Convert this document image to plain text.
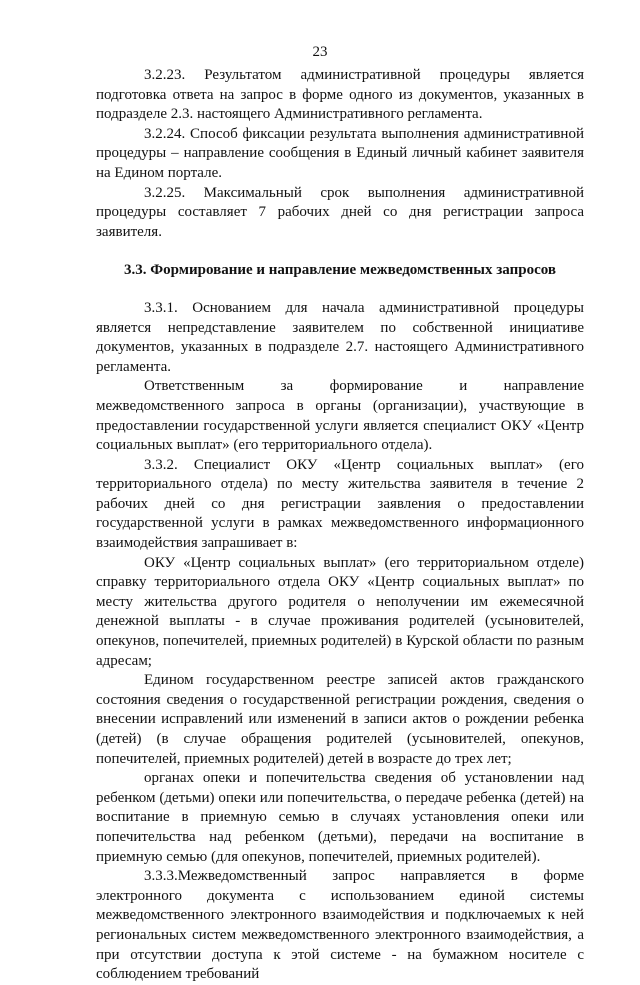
23

3.2.23. Результатом административной процедуры является подготовка ответа на запрос в форме одного из документов, указанных в подразделе 2.3. настоящего Административного регламента.

3.2.24. Способ фиксации результата выполнения административной процедуры – направление сообщения в Единый личный кабинет заявителя на Едином портале.

3.2.25. Максимальный срок выполнения административной процедуры составляет 7 рабочих дней со дня регистрации запроса заявителя.

3.3. Формирование и направление межведомственных запросов

3.3.1. Основанием для начала административной процедуры является непредставление заявителем по собственной инициативе документов, указанных в подразделе 2.7. настоящего Административного регламента.

Ответственным за формирование и направление межведомственного запроса в органы (организации), участвующие в предоставлении государственной услуги является специалист ОКУ «Центр социальных выплат» (его территориального отдела).

3.3.2. Специалист ОКУ «Центр социальных выплат» (его территориального отдела) по месту жительства заявителя в течение 2 рабочих дней со дня регистрации заявления о предоставлении государственной услуги в рамках межведомственного информационного взаимодействия запрашивает в:

ОКУ «Центр социальных выплат» (его территориальном отделе) справку территориального отдела ОКУ «Центр социальных выплат» по месту жительства другого родителя о неполучении им ежемесячной денежной выплаты - в случае проживания родителей (усыновителей, опекунов, попечителей, приемных родителей) в Курской области по разным адресам;

Едином государственном реестре записей актов гражданского состояния сведения о государственной регистрации рождения, сведения о внесении исправлений или изменений в записи актов о рождении ребенка (детей) (в случае обращения родителей (усыновителей, опекунов, попечителей, приемных родителей) детей в возрасте до трех лет;

органах опеки и попечительства сведения об установлении над ребенком (детьми) опеки или попечительства, о передаче ребенка (детей) на воспитание в приемную семью в случаях установления опеки или попечительства над ребенком (детьми), передачи на воспитание в приемную семью (для опекунов, попечителей, приемных родителей).

3.3.3.Межведомственный запрос направляется в форме электронного документа с использованием единой системы межведомственного электронного взаимодействия и подключаемых к ней региональных систем межведомственного электронного взаимодействия, а при отсутствии доступа к этой системе - на бумажном носителе с соблюдением требований
